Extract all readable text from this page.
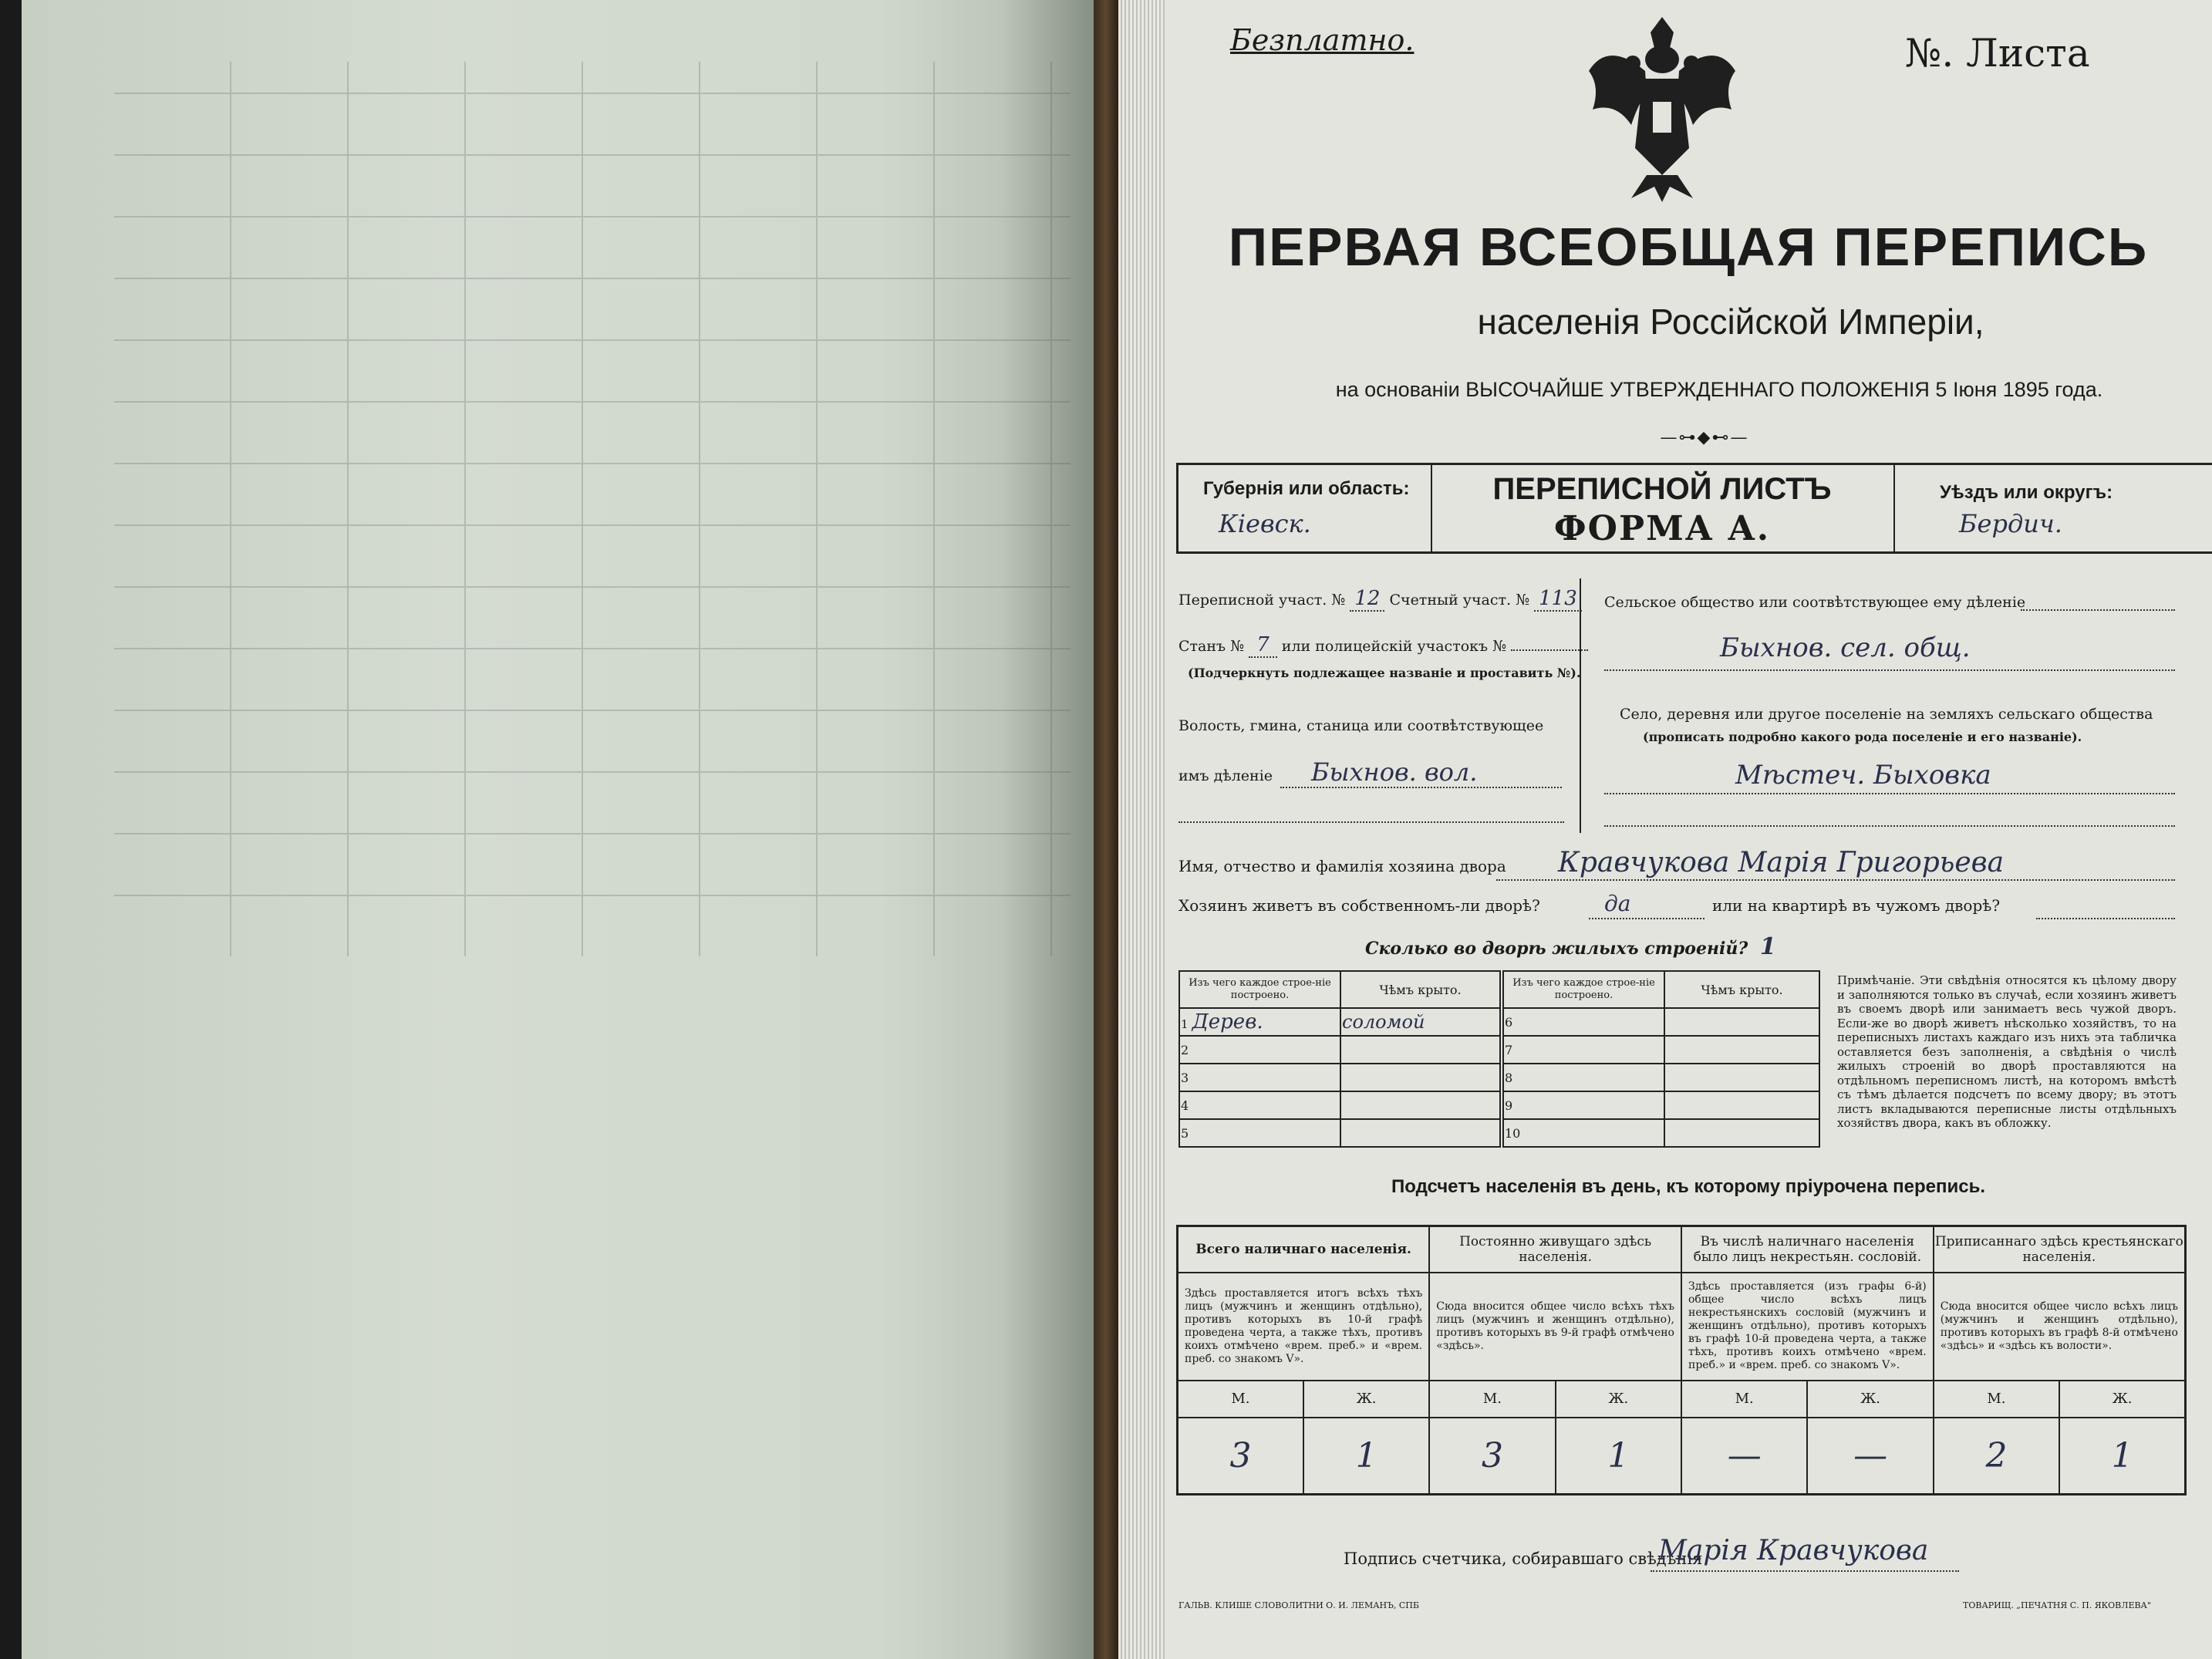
Безплатно.	№. Листа
ПЕРВАЯ ВСЕОБЩАЯ ПЕРЕПИСЬ
населенія Россійской Имперіи,
на основаніи ВЫСОЧАЙШЕ УТВЕРЖДЕННАГО ПОЛОЖЕНІЯ 5 Іюня 1895 года.
—⊶◆⊷—
Губернія или область:
Кіевск.
ПЕРЕПИСНОЙ ЛИСТЪ
ФОРМА А.
Уѣздъ или округъ:
Бердич.
Переписной участ. № 12 Счетный участ. № 113
Станъ № 7 или полицейскій участокъ №
(Подчеркнуть подлежащее названіе и проставить №).
Волость, гмина, станица или соотвѣтствующее
имъ дѣленіе Быхнов. вол.
Сельское общество или соотвѣтствующее ему дѣленіе
Быхнов. сел. общ.
Село, деревня или другое поселеніе на земляхъ сельскаго общества
(прописать подробно какого рода поселеніе и его названіе).
Мѣстеч. Быховка
Имя, отчество и фамилія хозяина двора Кравчукова Марія Григорьева
Хозяинъ живетъ въ собственномъ-ли дворѣ?	да	или на квартирѣ въ чужомъ дворѣ?
Сколько во дворѣ жилыхъ строеній? 1
Изъ чего каждое строе-ніе построено.	Чѣмъ крыто.
1 Дерев.	соломой
2	
3	
4	
5	
Изъ чего каждое строе-ніе построено.	Чѣмъ крыто.
6	
7	
8	
9	
10	
Примѣчаніе. Эти свѣдѣнія относятся къ цѣлому двору и заполняются только въ случаѣ, если хозяинъ живетъ въ своемъ дворѣ или занимаетъ весь чужой дворъ. Если-же во дворѣ живетъ нѣсколько хозяйствъ, то на переписныхъ листахъ каждаго изъ нихъ эта табличка оставляется безъ заполненія, а свѣдѣнія о числѣ жилыхъ строеній во дворѣ проставляются на отдѣльномъ переписномъ листѣ, на которомъ вмѣстѣ съ тѣмъ дѣлается подсчетъ по всему двору; въ этотъ листъ вкладываются переписные листы отдѣльныхъ хозяйствъ двора, какъ въ обложку.
Подсчетъ населенія въ день, къ которому пріурочена перепись.
Всего наличнаго населенія.		Постоянно живущаго здѣсь населенія.		Въ числѣ наличнаго населенія было лицъ некрестьян. сословій.		Приписаннаго здѣсь крестьянскаго населенія.	
Здѣсь проставляется итогъ всѣхъ тѣхъ лицъ (мужчинъ и женщинъ отдѣльно), противъ которыхъ въ 10-й графѣ проведена черта, а также тѣхъ, противъ коихъ отмѣчено «врем. преб.» и «врем. преб. со знакомъ V».		Сюда вносится общее число всѣхъ тѣхъ лицъ (мужчинъ и женщинъ отдѣльно), противъ которыхъ въ 9-й графѣ отмѣчено «здѣсь».		Здѣсь проставляется (изъ графы 6-й) общее число всѣхъ лицъ некрестьянскихъ сословій (мужчинъ и женщинъ отдѣльно), противъ которыхъ въ графѣ 10-й проведена черта, а также тѣхъ, противъ коихъ отмѣчено «врем. преб.» и «врем. преб. со знакомъ V».		Сюда вносится общее число всѣхъ лицъ (мужчинъ и женщинъ отдѣльно), противъ которыхъ въ графѣ 8-й отмѣчено «здѣсь» и «здѣсь къ волости».	
М.	Ж.	М.	Ж.	М.	Ж.	М.	Ж.
3	1	3	1	—	—	2	1
Подпись счетчика, собиравшаго свѣдѣнія
Марія Кравчукова
ГАЛЬВ. КЛИШЕ СЛОВОЛИТНИ О. И. ЛЕМАНЪ, СПБ	ТОВАРИЩ. „ПЕЧАТНЯ С. П. ЯКОВЛЕВА"
